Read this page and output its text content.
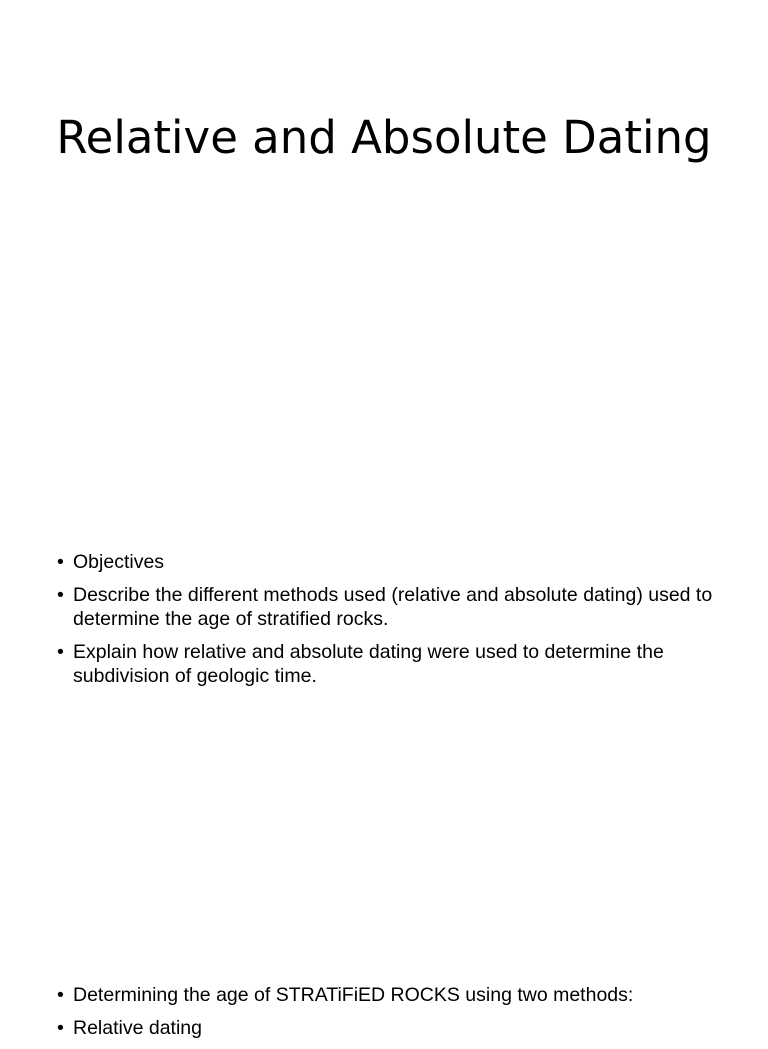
Relative and Absolute Dating
• Objectives
• Describe the different methods used (relative and absolute dating) used to determine the age of stratified rocks.
• Explain how relative and absolute dating were used to determine the subdivision of geologic time.
• Determining the age of STRATiFiED ROCKS using two methods:
• Relative dating
